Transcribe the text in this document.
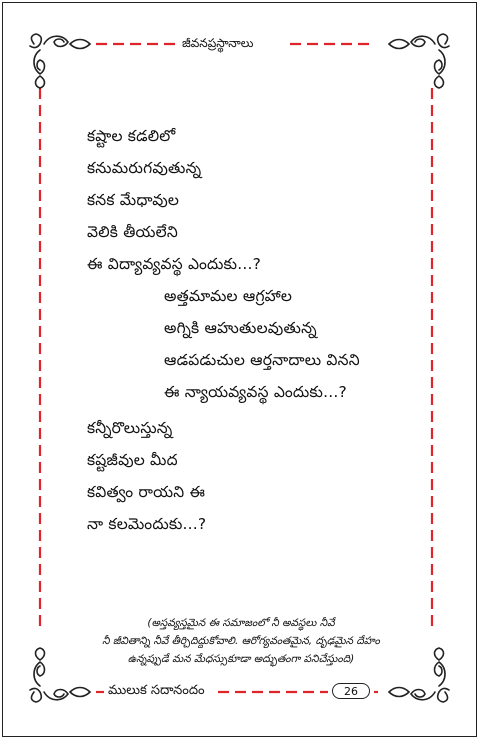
జీవనప్రస్థానాలు
కష్టాల కడలిలో
కనుమరుగవుతున్న
కనక మేధావుల
వెలికి తీయలేని
ఈ విద్యావ్యవస్థ ఎందుకు...?
అత్తమామల ఆగ్రహాల
అగ్నికి ఆహుతులవుతున్న
ఆడపడుచుల ఆర్తనాదాలు వినని
ఈ న్యాయవ్యవస్థ ఎందుకు...?
కన్నీరొలుస్తున్న
కష్టజీవుల మీద
కవిత్వం రాయని ఈ
నా కలమెందుకు...?
(అస్తవ్యస్తమైన ఈ సమాజంలో నీ అవస్థలు నీవే
నీ జీవితాన్ని నీవే తీర్చిదిద్దుకోవాలి. ఆరోగ్యవంతమైన, దృఢమైన దేహం
ఉన్నప్పుడే మన మేధస్సుకూడా అద్భుతంగా పనిచేస్తుంది)
ములుక సదానందం	26
